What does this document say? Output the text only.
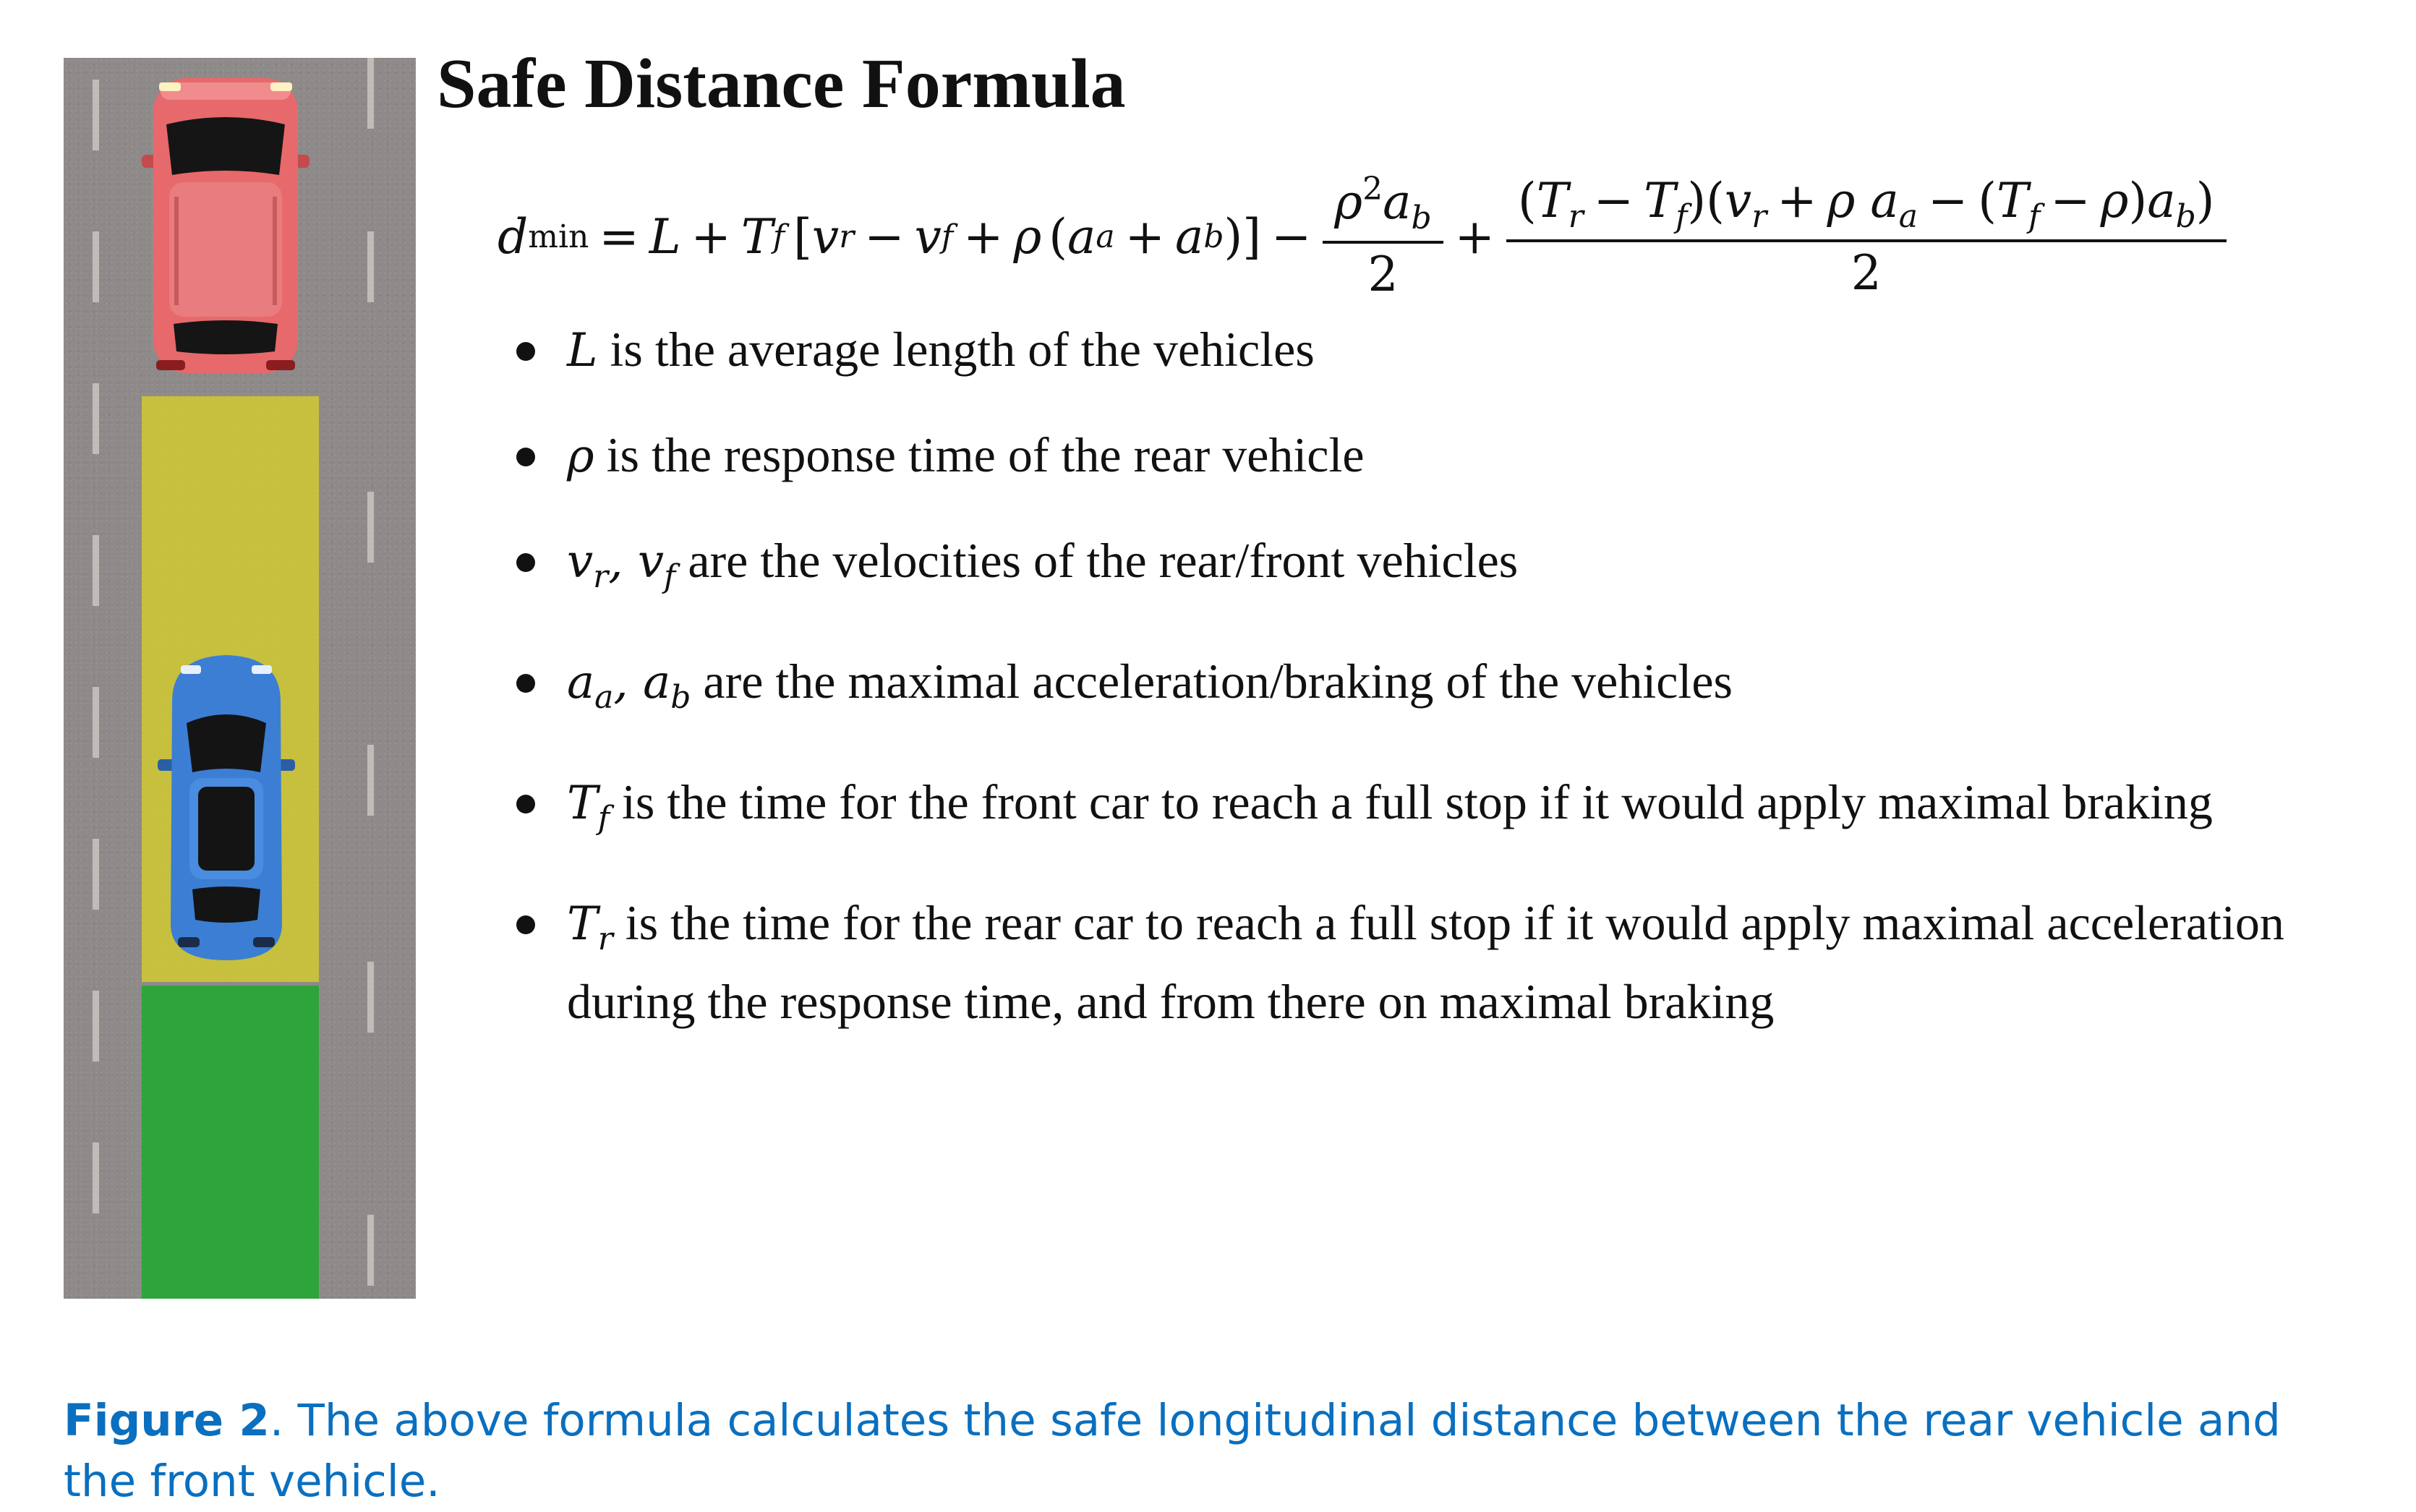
Safe Distance Formula
d min = L + T f [ v r − v f + ρ ( a a + a b ) ] − $\frac{\rho^2a_b}{2} + \frac{(T_r - T_f)(v_r + \rho a_a - (T_f - \rho)a_b)}{2}$
L is the average length of the vehicles
ρ is the response time of the rear vehicle
$v_r$, $v_f$ are the velocities of the rear/front vehicles
$a_a$, $a_b$ are the maximal acceleration/braking of the vehicles
$T_f$ is the time for the front car to reach a full stop if it would apply maximal braking
$T_r$ is the time for the rear car to reach a full stop if it would apply maximal acceleration during the response time, and from there on maximal braking

Figure 2. The above formula calculates the safe longitudinal distance between the rear vehicle and the front vehicle.
